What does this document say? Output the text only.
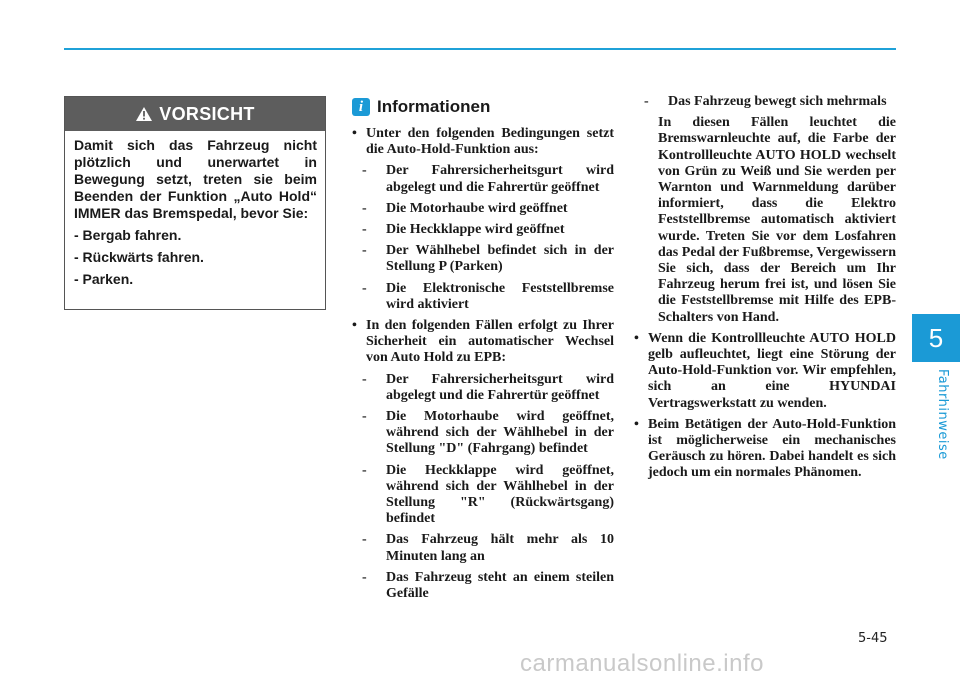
5
Fahrhinweise
VORSICHT

Damit sich das Fahrzeug nicht plötzlich und unerwartet in Bewegung setzt, treten sie beim Beenden der Funktion „Auto Hold“ IMMER das Bremspedal, bevor Sie:

- Bergab fahren.
- Rückwärts fahren.
- Parken.
i Informationen
• Unter den folgenden Bedingungen setzt die Auto-Hold-Funktion aus:
- Der Fahrersicherheitsgurt wird abgelegt und die Fahrertür geöffnet
- Die Motorhaube wird geöffnet
- Die Heckklappe wird geöffnet
- Der Wählhebel befindet sich in der Stellung P (Parken)
- Die Elektronische Feststellbremse wird aktiviert
• In den folgenden Fällen erfolgt zu Ihrer Sicherheit ein automatischer Wechsel von Auto Hold zu EPB:
- Der Fahrersicherheitsgurt wird abgelegt und die Fahrertür geöffnet
- Die Motorhaube wird geöffnet, während sich der Wählhebel in der Stellung "D" (Fahrgang) befindet
- Die Heckklappe wird geöffnet, während sich der Wählhebel in der Stellung "R" (Rückwärtsgang) befindet
- Das Fahrzeug hält mehr als 10 Minuten lang an
- Das Fahrzeug steht an einem steilen Gefälle
- Das Fahrzeug bewegt sich mehrmals
In diesen Fällen leuchtet die Bremswarnleuchte auf, die Farbe der Kontrollleuchte AUTO HOLD wechselt von Grün zu Weiß und Sie werden per Warnton und Warnmeldung darüber informiert, dass die Elektro Feststellbremse automatisch aktiviert wurde. Treten Sie vor dem Losfahren das Pedal der Fußbremse, Vergewissern Sie sich, dass der Bereich um Ihr Fahrzeug herum frei ist, und lösen Sie die Feststellbremse mit Hilfe des EPB-Schalters von Hand.
• Wenn die Kontrollleuchte AUTO HOLD gelb aufleuchtet, liegt eine Störung der Auto-Hold-Funktion vor. Wir empfehlen, sich an eine HYUNDAI Vertragswerkstatt zu wenden.
• Beim Betätigen der Auto-Hold-Funktion ist möglicherweise ein mechanisches Geräusch zu hören. Dabei handelt es sich jedoch um ein normales Phänomen.
5-45
carmanualsonline.info
